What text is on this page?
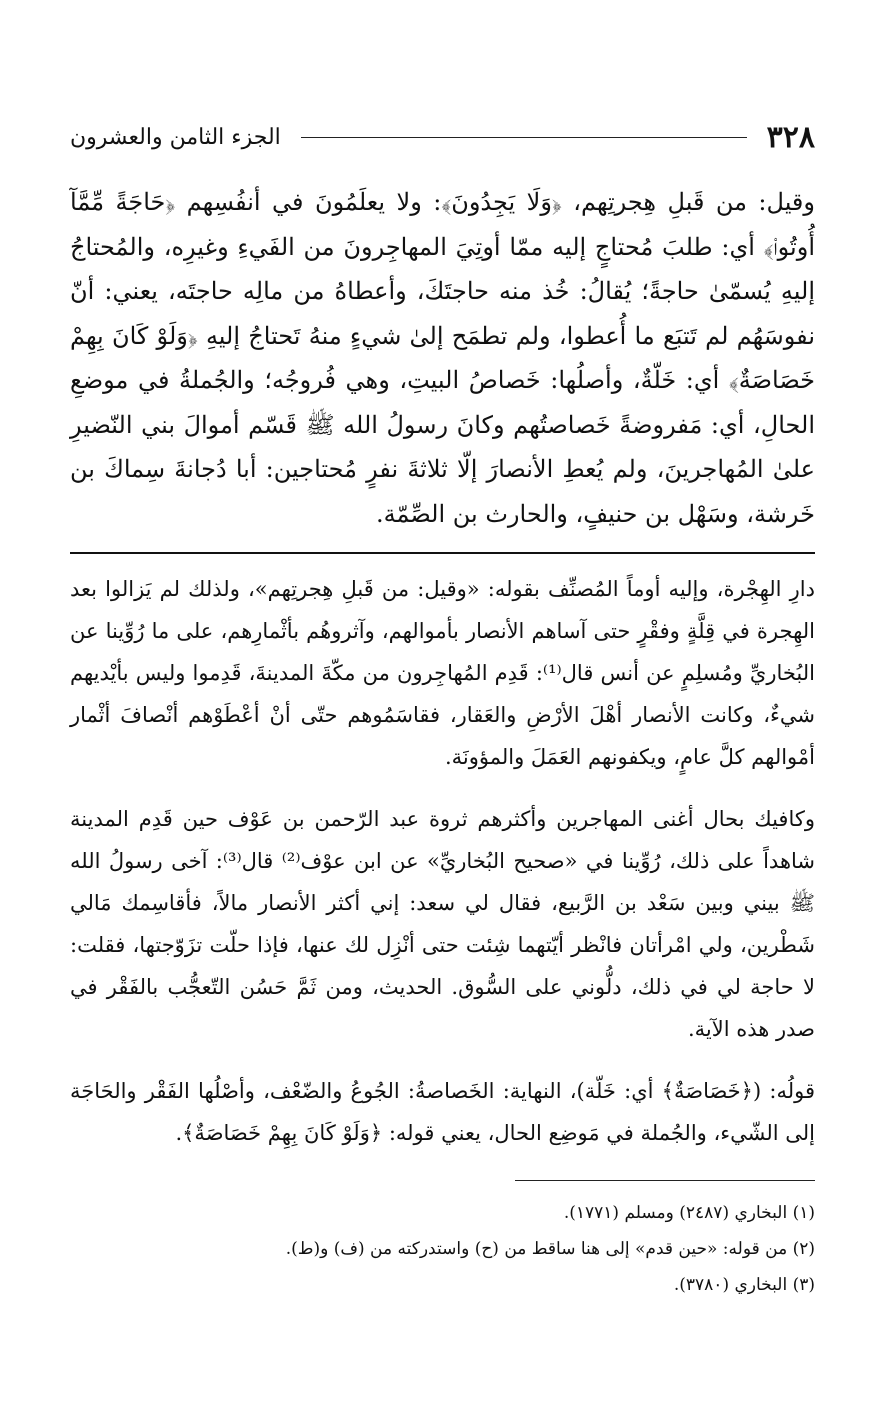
٣٢٨
الجزء الثامن والعشرون

وقيل: من قَبلِ هِجرتِهم، ﴿وَلَا يَجِدُونَ﴾: ولا يعلَمُونَ في أنفُسِهم ﴿حَاجَةً مِّمَّآ أُوتُوا۟﴾ أي: طلبَ مُحتاجٍ إليه ممّا أوتِيَ المهاجِرونَ من الفَيءِ وغيرِه، والمُحتاجُ إليهِ يُسمّىٰ حاجةً؛ يُقالُ: خُذ منه حاجتَكَ، وأعطاهُ من مالِه حاجتَه، يعني: أنّ نفوسَهُم لم تَتبَع ما أُعطوا، ولم تطمَح إلىٰ شيءٍ منهُ تَحتاجُ إليهِ ﴿وَلَوْ كَانَ بِهِمْ خَصَاصَةٌ﴾ أي: خَلّةٌ، وأصلُها: خَصاصُ البيتِ، وهي فُروجُه؛ والجُملةُ في موضعِ الحالِ، أي: مَفروضةً خَصاصتُهم وكانَ رسولُ الله ﷺ قَسّم أموالَ بني النّضيرِ علىٰ المُهاجرينَ، ولم يُعطِ الأنصارَ إلّا ثلاثةَ نفرٍ مُحتاجين: أبا دُجانةَ سِماكَ بن خَرشة، وسَهْل بن حنيفٍ، والحارث بن الصِّمّة.

دارِ الهِجْرة، وإليه أوماً المُصنِّف بقوله: «وقيل: من قَبلِ هِجرتِهم»، ولذلك لم يَزالوا بعد الهِجرة في قِلَّةٍ وفقْرٍ حتى آساهم الأنصار بأموالهم، وآثروهُم بأثْمارِهم، على ما رُوِّينا عن البُخاريِّ ومُسلِمٍ عن أنس قال⁽¹⁾: قَدِم المُهاجِرون من مكّةَ المدينةَ، قَدِموا وليس بأيْديهم شيءٌ، وكانت الأنصار أهْلَ الأرْضِ والعَقار، فقاسَمُوهم حتّى أنْ أعْطَوْهم أنْصافَ أثْمار أمْوالهم كلَّ عامٍ، ويكفونهم العَمَلَ والمؤونَة.

وكافيك بحال أغنى المهاجرين وأكثرهم ثروة عبد الرّحمن بن عَوْف حين قَدِم المدينة شاهداً على ذلك، رُوِّينا في «صحيح البُخاريِّ» عن ابن عوْف⁽²⁾ قال⁽³⁾: آخى رسولُ الله ﷺ بيني وبين سَعْد بن الرَّبيع، فقال لي سعد: إني أكثر الأنصار مالاً، فأقاسِمك مَالي شَطْرين، ولي امْرأتان فانْظر أيّتهما شِئت حتى أنْزِل لك عنها، فإذا حلّت تزَوّجتها، فقلت: لا حاجة لي في ذلك، دلُّوني على السُّوق. الحديث، ومن ثَمَّ حَسُن التّعجُّب بالفَقْر في صدر هذه الآية.

قولُه: (﴿خَصَاصَةٌ﴾ أي: خَلّة)، النهاية: الخَصاصةُ: الجُوعُ والضّعْف، وأصْلُها الفَقْر والحَاجَة إلى الشّيء، والجُملة في مَوضِع الحال، يعني قوله: ﴿وَلَوْ كَانَ بِهِمْ خَصَاصَةٌ﴾.

(١) البخاري (٢٤٨٧) ومسلم (١٧٧١).

(٢) من قوله: «حين قدم» إلى هنا ساقط من (ح) واستدركته من (ف) و(ط).

(٣) البخاري (٣٧٨٠).
